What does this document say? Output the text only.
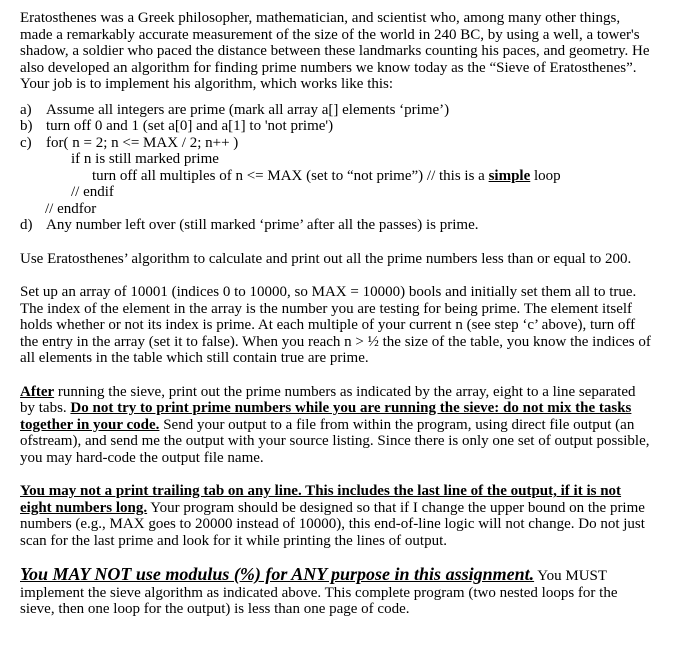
Eratosthenes was a Greek philosopher, mathematician, and scientist who, among many other things, made a remarkably accurate measurement of the size of the world in 240 BC, by using a well, a tower's shadow, a soldier who paced the distance between these landmarks counting his paces, and geometry. He also developed an algorithm for finding prime numbers we know today as the “Sieve of Eratosthenes”. Your job is to implement his algorithm, which works like this:

a) Assume all integers are prime (mark all array a[] elements ‘prime’)
b) turn off 0 and 1 (set a[0] and a[1] to 'not prime')
c) for( n = 2; n <= MAX / 2; n++ )
if n is still marked prime
turn off all multiples of n <= MAX (set to “not prime”) // this is a simple loop
// endif
// endfor
d) Any number left over (still marked ‘prime’ after all the passes) is prime.

Use Eratosthenes’ algorithm to calculate and print out all the prime numbers less than or equal to 200.

Set up an array of 10001 (indices 0 to 10000, so MAX = 10000) bools and initially set them all to true. The index of the element in the array is the number you are testing for being prime. The element itself holds whether or not its index is prime. At each multiple of your current n (see step ‘c’ above), turn off the entry in the array (set it to false). When you reach n > ½ the size of the table, you know the indices of all elements in the table which still contain true are prime.

After running the sieve, print out the prime numbers as indicated by the array, eight to a line separated by tabs. Do not try to print prime numbers while you are running the sieve: do not mix the tasks together in your code. Send your output to a file from within the program, using direct file output (an ofstream), and send me the output with your source listing. Since there is only one set of output possible, you may hard-code the output file name.

You may not a print trailing tab on any line. This includes the last line of the output, if it is not eight numbers long. Your program should be designed so that if I change the upper bound on the prime numbers (e.g., MAX goes to 20000 instead of 10000), this end-of-line logic will not change. Do not just scan for the last prime and look for it while printing the lines of output.

You MAY NOT use modulus (%) for ANY purpose in this assignment. You MUST implement the sieve algorithm as indicated above. This complete program (two nested loops for the sieve, then one loop for the output) is less than one page of code.
